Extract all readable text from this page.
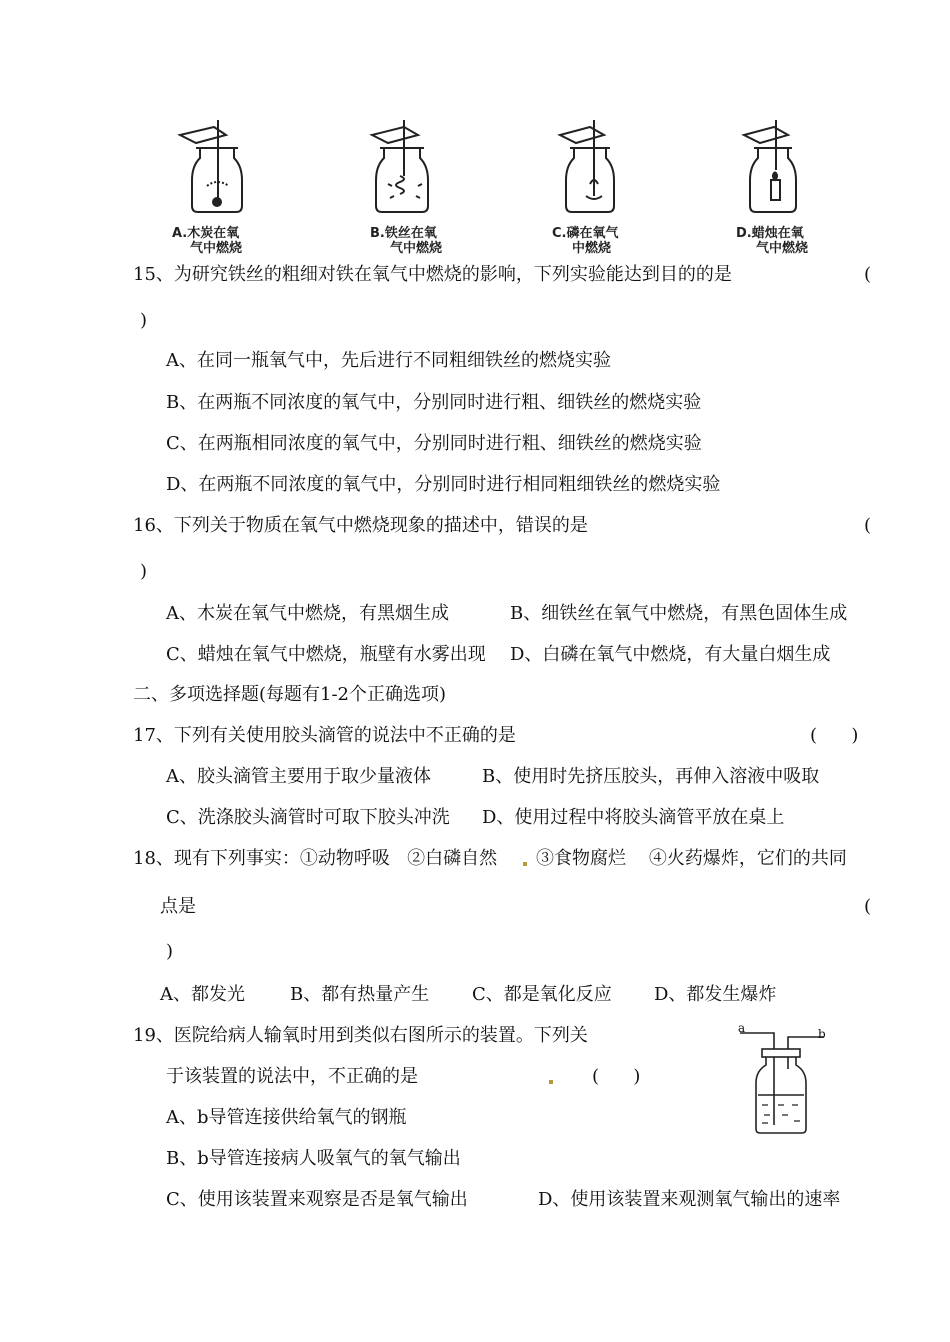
A.木炭在氧
气中燃烧
B.铁丝在氧
气中燃烧
C.磷在氧气
中燃烧
D.蜡烛在氧
气中燃烧
15、为研究铁丝的粗细对铁在氧气中燃烧的影响，下列实验能达到目的的是	(
)
A、在同一瓶氧气中，先后进行不同粗细铁丝的燃烧实验
B、在两瓶不同浓度的氧气中，分别同时进行粗、细铁丝的燃烧实验
C、在两瓶相同浓度的氧气中，分别同时进行粗、细铁丝的燃烧实验
D、在两瓶不同浓度的氧气中，分别同时进行相同粗细铁丝的燃烧实验
16、下列关于物质在氧气中燃烧现象的描述中，错误的是	(
)
A、木炭在氧气中燃烧，有黑烟生成	B、细铁丝在氧气中燃烧，有黑色固体生成
C、蜡烛在氧气中燃烧，瓶壁有水雾出现 D、白磷在氧气中燃烧，有大量白烟生成
二、多项选择题(每题有1-2个正确选项)
17、下列有关使用胶头滴管的说法中不正确的是	(      )
A、胶头滴管主要用于取少量液体	B、使用时先挤压胶头，再伸入溶液中吸取
C、洗涤胶头滴管时可取下胶头冲洗 D、使用过程中将胶头滴管平放在桌上
18、现有下列事实：①动物呼吸   ②白磷自然 ③食物腐烂    ④火药爆炸，它们的共同
点是	(
)
A、都发光	B、都有热量产生 C、都是氧化反应 D、都发生爆炸
19、医院给病人输氧时用到类似右图所示的装置。下列关
于该装置的说法中，不正确的是	(      )
A、b导管连接供给氧气的钢瓶
B、b导管连接病人吸氧气的氧气输出
C、使用该装置来观察是否是氧气输出	D、使用该装置来观测氧气输出的速率
a	b
